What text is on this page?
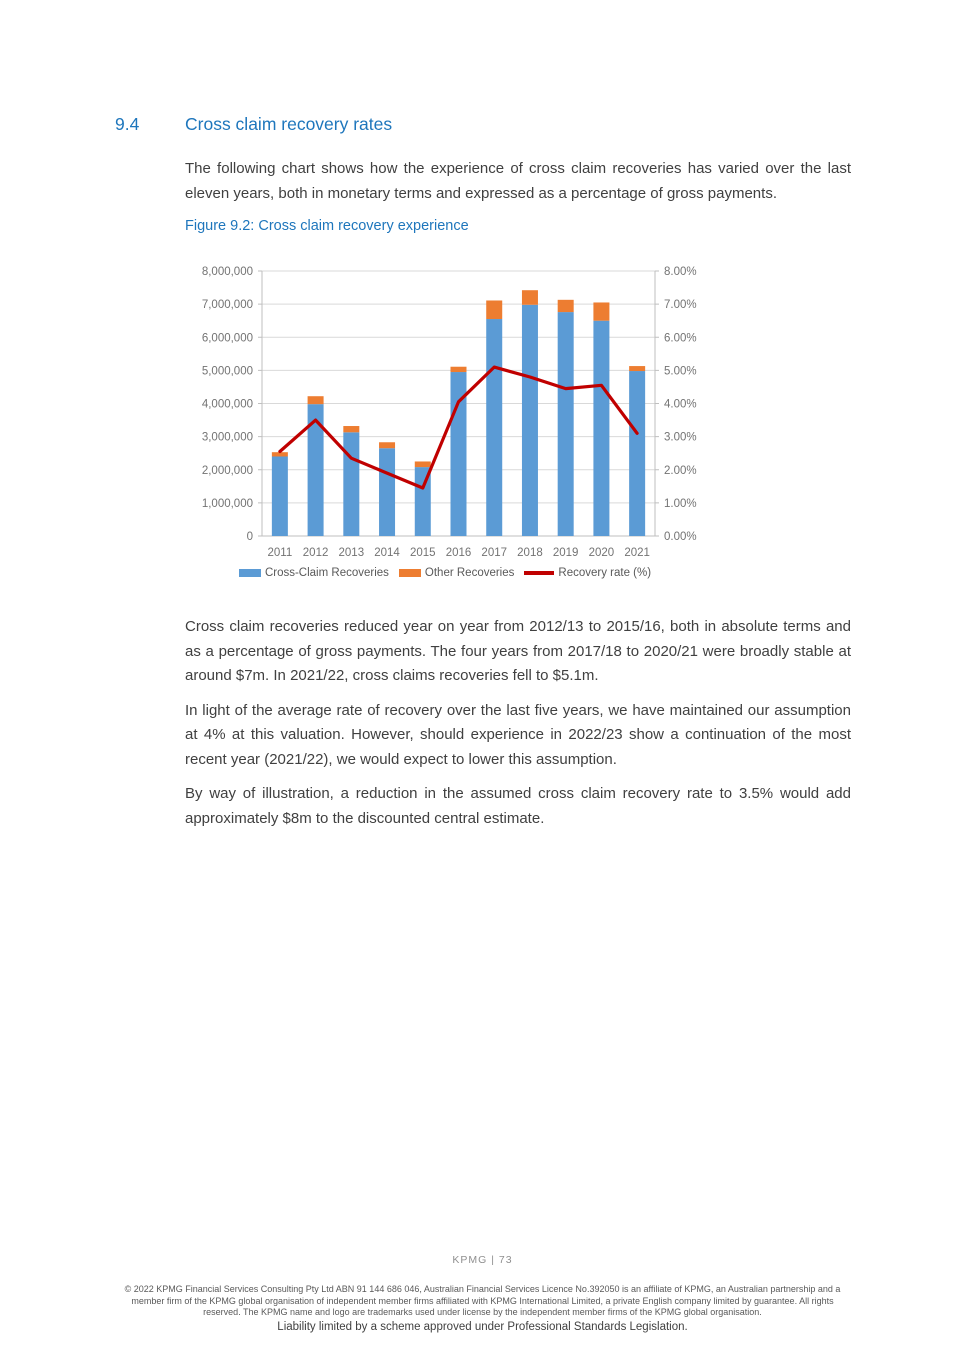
9.4	Cross claim recovery rates
The following chart shows how the experience of cross claim recoveries has varied over the last eleven years, both in monetary terms and expressed as a percentage of gross payments.
Figure 9.2: Cross claim recovery experience
0	0.00%
1,000,000	1.00%
2,000,000	2.00%
3,000,000	3.00%
4,000,000	4.00%
5,000,000	5.00%
6,000,000	6.00%
7,000,000	7.00%
8,000,000	8.00%
2011 2012 2013 2014 2015 2016 2017 2018 2019 2020 2021
Cross-Claim Recoveries	Other Recoveries	Recovery rate (%)

Cross claim recoveries reduced year on year from 2012/13 to 2015/16, both in absolute terms and as a percentage of gross payments. The four years from 2017/18 to 2020/21 were broadly stable at around $7m. In 2021/22, cross claims recoveries fell to $5.1m.

In light of the average rate of recovery over the last five years, we have maintained our assumption at 4% at this valuation. However, should experience in 2022/23 show a continuation of the most recent year (2021/22), we would expect to lower this assumption.

By way of illustration, a reduction in the assumed cross claim recovery rate to 3.5% would add approximately $8m to the discounted central estimate.

KPMG | 73
© 2022 KPMG Financial Services Consulting Pty Ltd ABN 91 144 686 046, Australian Financial Services Licence No.392050 is an affiliate of KPMG, an Australian partnership and a member firm of the KPMG global organisation of independent member firms affiliated with KPMG International Limited, a private English company limited by guarantee. All rights reserved. The KPMG name and logo are trademarks used under license by the independent member firms of the KPMG global organisation.
Liability limited by a scheme approved under Professional Standards Legislation.
